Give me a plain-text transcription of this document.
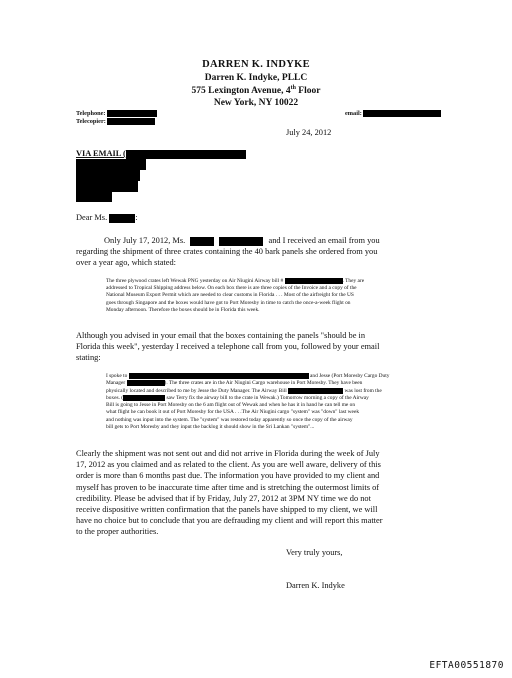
DARREN K. INDYKE
Darren K. Indyke, PLLC
575 Lexington Avenue, 4th Floor
New York, NY 10022
Telephone:
Telecopier:
email:
July 24, 2012
VIA EMAIL (
Dear Ms.	:
Only July 17, 2012, Ms.	and I received an email from you
regarding the shipment of three crates containing the 40 bark panels she ordered from you
over a year ago, which stated:
The three plywood crates left Wewak PNG yesterday on Air Niugini Airway bill #	. They are
addressed to Tropical Shipping address below. On each box there is are three copies of the Invoice and a copy of the
National Museum Export Permit which are needed to clear customs in Florida . . . Most of the airfreight for the US
goes through Singapore and the boxes would have got to Port Moresby in time to catch the once-a-week flight on
Monday afternoon. Therefore the boxes should be in Florida this week.
Although you advised in your email that the boxes containing the panels "should be in
Florida this week", yesterday I received a telephone call from you, followed by your email
stating:
I spoke to	and Jesse (Port Moresby Cargo Duty
Manager	). The three crates are in the Air Niugini Cargo warehouse in Port Moresby. They have been
physically located and described to me by Jesse the Duty Manager. The Airway Bill	was lost from the
boxes. (	saw Terry fix the airway bill to the crate in Wewak.) Tomorrow morning a copy of the Airway
Bill is going to Jesse in Port Moresby on the 6 am flight out of Wewak and when he has it in hand he can tell me on
what flight he can book it out of Port Moresby for the USA . . .The Air Niugini cargo "system" was "down" last week
and nothing was input into the system. The "system" was restored today apparently so once the copy of the airway
bill gets to Port Moresby and they input the backlog it should show in the Sri Lankan "system"...
Clearly the shipment was not sent out and did not arrive in Florida during the week of July
17, 2012 as you claimed and as related to the client. As you are well aware, delivery of this
order is more than 6 months past due. The information you have provided to my client and
myself has proven to be inaccurate time after time and is stretching the outermost limits of
credibility. Please be advised that if by Friday, July 27, 2012 at 3PM NY time we do not
receive dispositive written confirmation that the panels have shipped to my client, we will
have no choice but to conclude that you are defrauding my client and will report this matter
to the proper authorities.
Very truly yours,
Darren K. Indyke
EFTA00551870
